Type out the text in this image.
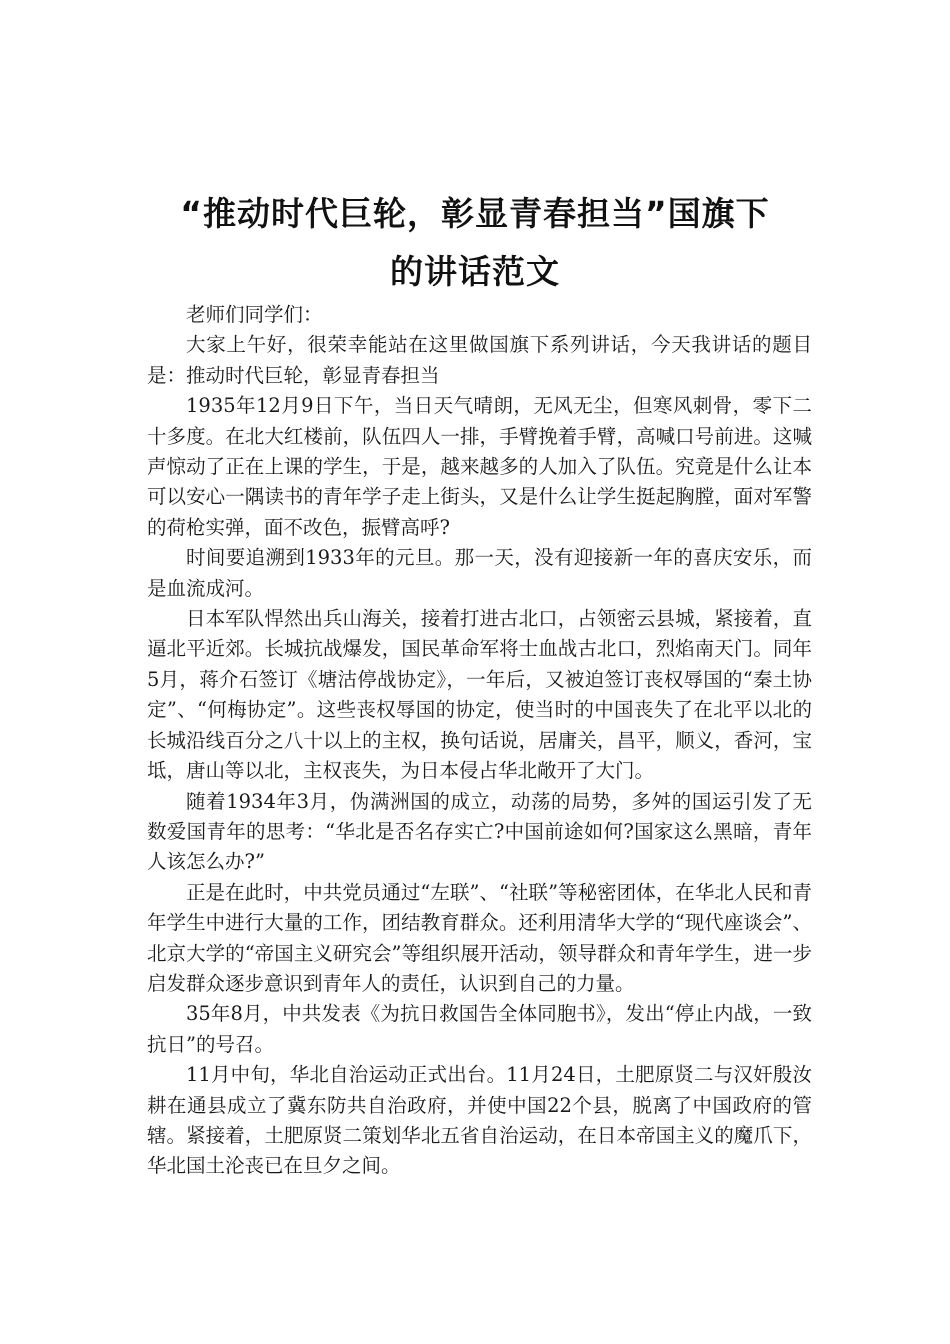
“推动时代巨轮，彰显青春担当”国旗下
的讲话范文

老师们同学们：

大家上午好，很荣幸能站在这里做国旗下系列讲话，今天我讲话的题目是：推动时代巨轮，彰显青春担当

1935年12月9日下午，当日天气晴朗，无风无尘，但寒风刺骨，零下二十多度。在北大红楼前，队伍四人一排，手臂挽着手臂，高喊口号前进。这喊声惊动了正在上课的学生，于是，越来越多的人加入了队伍。究竟是什么让本可以安心一隅读书的青年学子走上街头，又是什么让学生挺起胸膛，面对军警的荷枪实弹，面不改色，振臂高呼?

时间要追溯到1933年的元旦。那一天，没有迎接新一年的喜庆安乐，而是血流成河。

日本军队悍然出兵山海关，接着打进古北口，占领密云县城，紧接着，直逼北平近郊。长城抗战爆发，国民革命军将士血战古北口，烈焰南天门。同年5月，蒋介石签订《塘沽停战协定》，一年后，又被迫签订丧权辱国的“秦土协定”、“何梅协定”。这些丧权辱国的协定，使当时的中国丧失了在北平以北的长城沿线百分之八十以上的主权，换句话说，居庸关，昌平，顺义，香河，宝坻，唐山等以北，主权丧失，为日本侵占华北敞开了大门。

随着1934年3月，伪满洲国的成立，动荡的局势，多舛的国运引发了无数爱国青年的思考：“华北是否名存实亡?中国前途如何?国家这么黑暗，青年人该怎么办?”

正是在此时，中共党员通过“左联”、“社联”等秘密团体，在华北人民和青年学生中进行大量的工作，团结教育群众。还利用清华大学的“现代座谈会”、北京大学的“帝国主义研究会”等组织展开活动，领导群众和青年学生，进一步启发群众逐步意识到青年人的责任，认识到自己的力量。

35年8月，中共发表《为抗日救国告全体同胞书》，发出“停止内战，一致抗日”的号召。

11月中旬，华北自治运动正式出台。11月24日，土肥原贤二与汉奸殷汝耕在通县成立了冀东防共自治政府，并使中国22个县，脱离了中国政府的管辖。紧接着，土肥原贤二策划华北五省自治运动，在日本帝国主义的魔爪下，华北国土沦丧已在旦夕之间。
